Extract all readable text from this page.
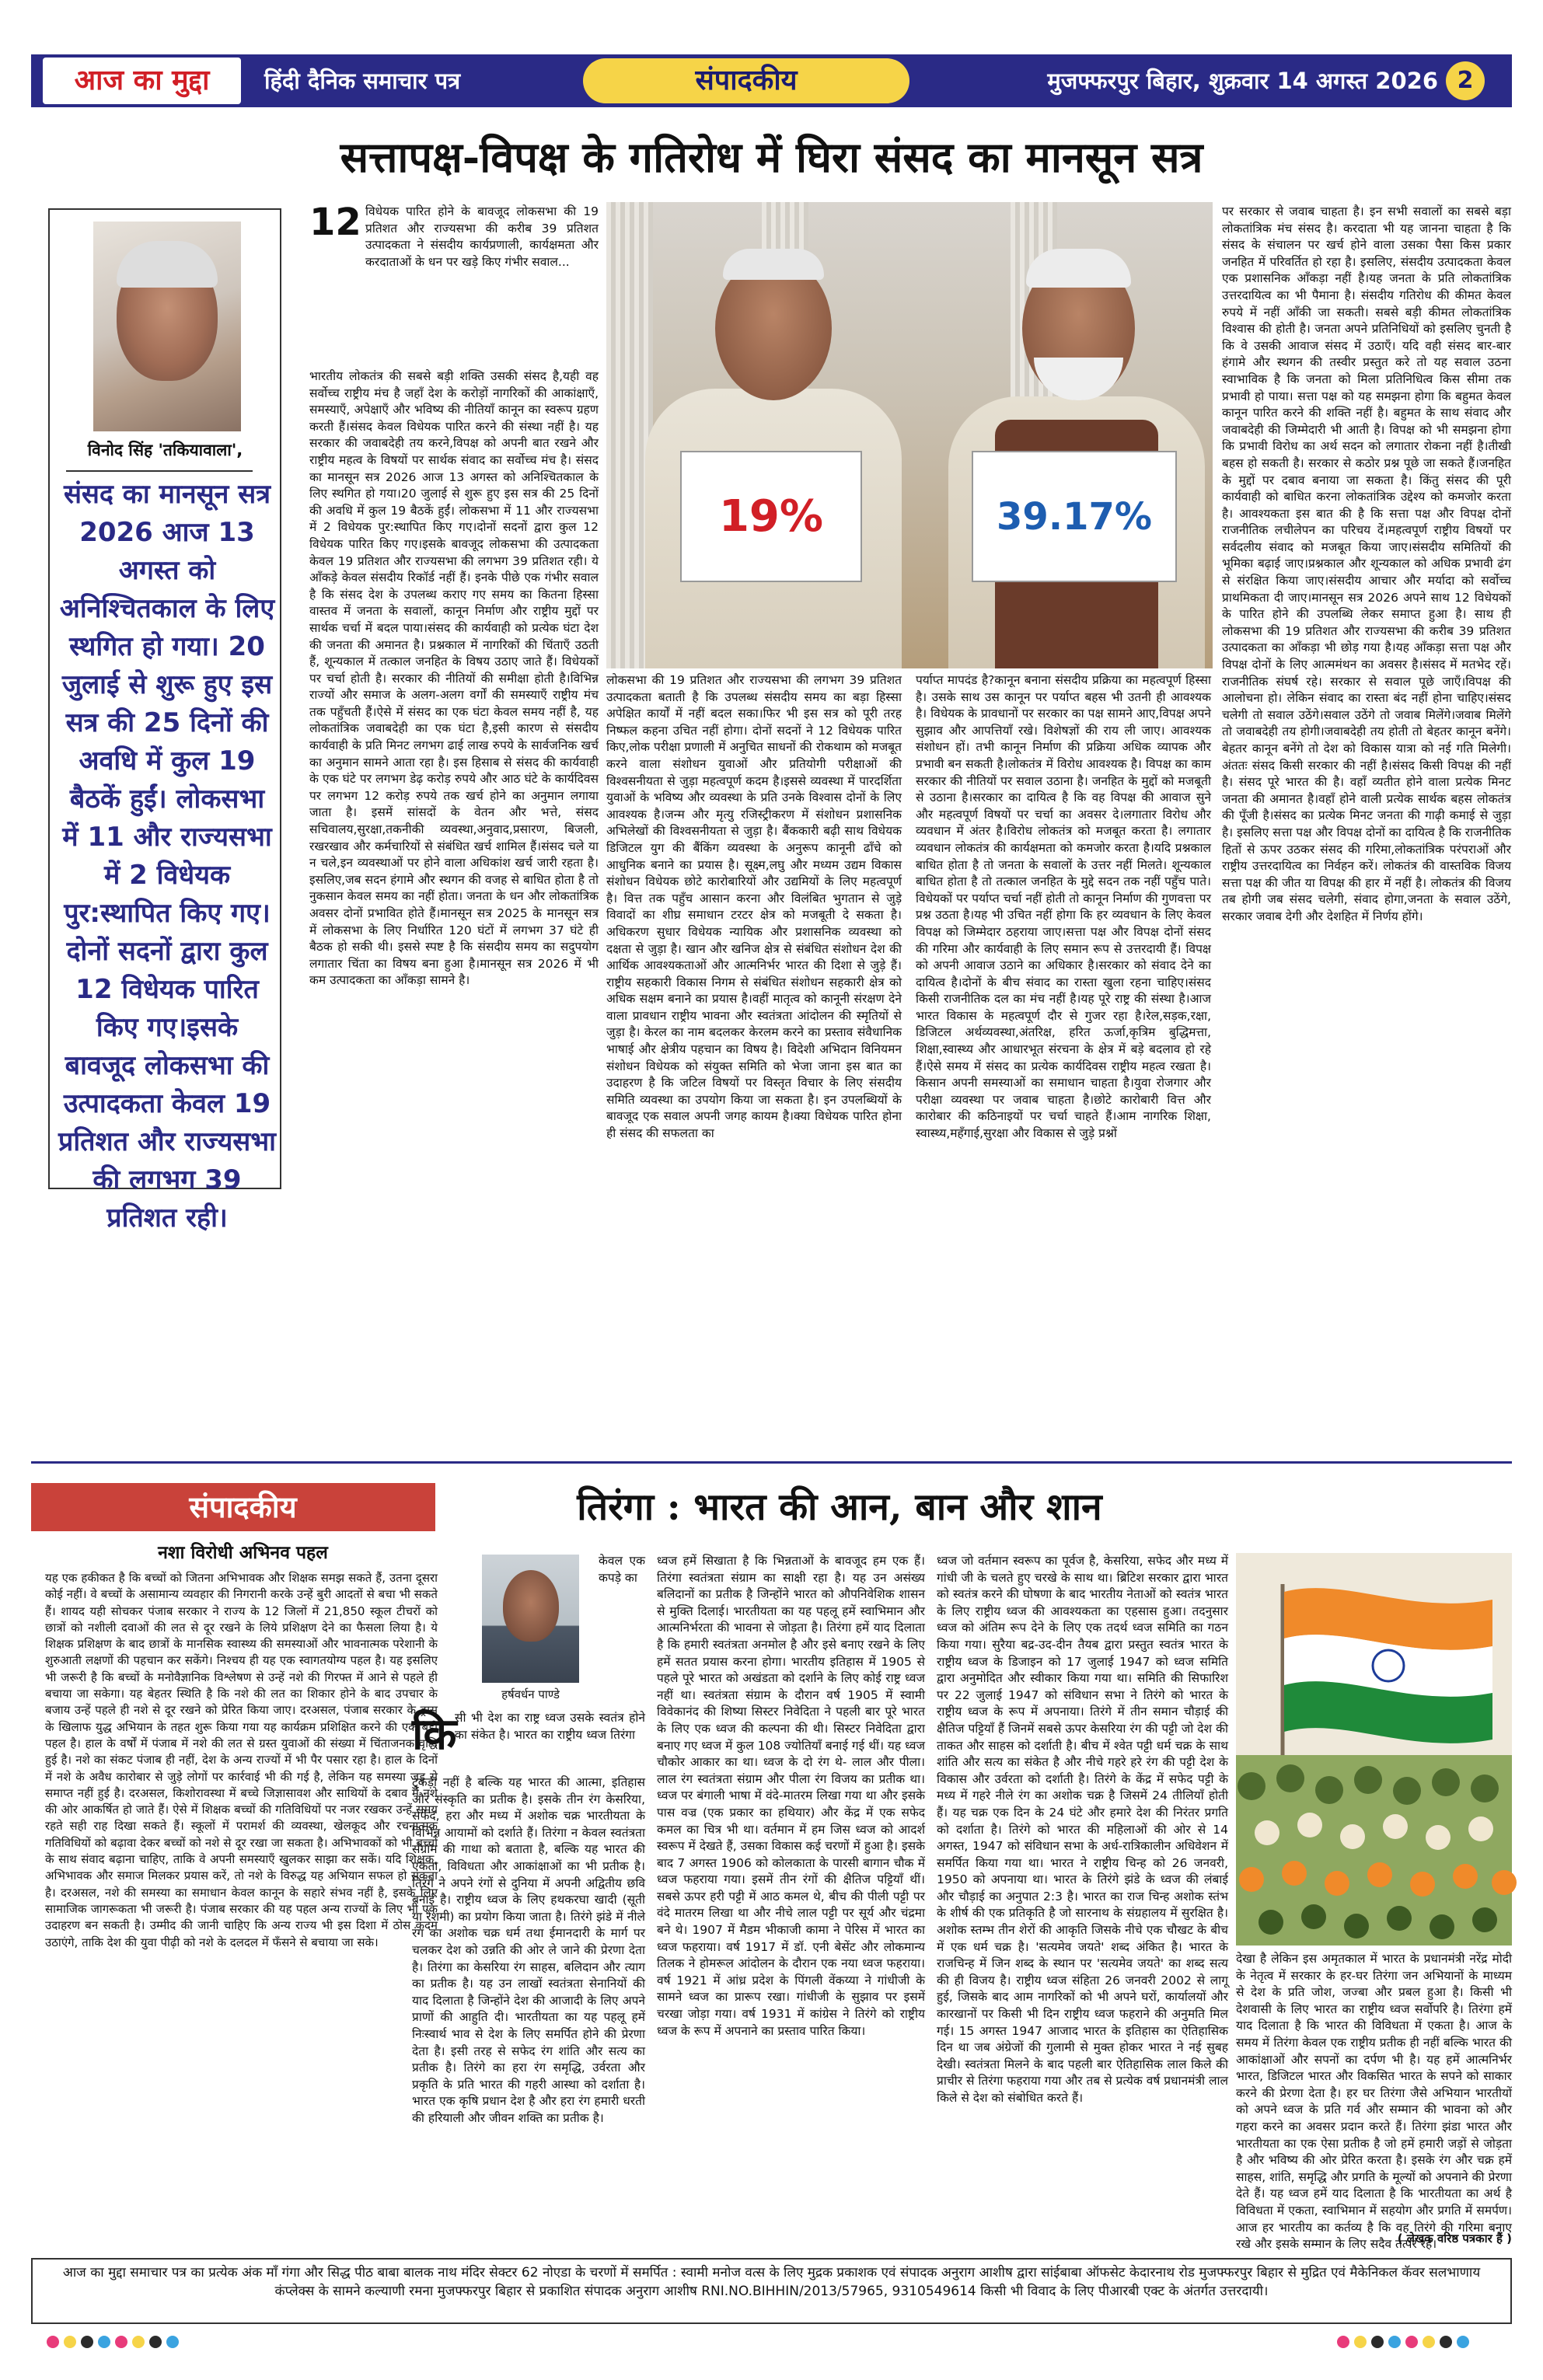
आज का मुद्दा	हिंदी दैनिक समाचार पत्र	संपादकीय	मुजफ्फरपुर बिहार, शुक्रवार 14 अगस्त 2026 2
सत्तापक्ष-विपक्ष के गतिरोध में घिरा संसद का मानसून सत्र
विनोद सिंह 'तकियावाला',
संसद का मानसून सत्र 2026 आज 13 अगस्त को अनिश्चितकाल के लिए स्थगित हो गया। 20 जुलाई से शुरू हुए इस सत्र की 25 दिनों की अवधि में कुल 19 बैठकें हुईं। लोकसभा में 11 और राज्यसभा में 2 विधेयक पुर:स्थापित किए गए।दोनों सदनों द्वारा कुल 12 विधेयक पारित किए गए।इसके बावजूद लोकसभा की उत्पादकता केवल 19 प्रतिशत और राज्यसभा की लगभग 39 प्रतिशत रही।
12 विधेयक पारित होने के बावजूद लोकसभा की 19 प्रतिशत और राज्यसभा की करीब 39 प्रतिशत उत्पादकता ने संसदीय कार्यप्रणाली, कार्यक्षमता और करदाताओं के धन पर खड़े किए गंभीर सवाल...
भारतीय लोकतंत्र की सबसे बड़ी शक्ति उसकी संसद है,यही वह सर्वोच्च राष्ट्रीय मंच है जहाँ देश के करोड़ों नागरिकों की आकांक्षाएँ, समस्याएँ, अपेक्षाएँ और भविष्य की नीतियाँ कानून का स्वरूप ग्रहण करती हैं।संसद केवल विधेयक पारित करने की संस्था नहीं है। यह सरकार की जवाबदेही तय करने,विपक्ष को अपनी बात रखने और राष्ट्रीय महत्व के विषयों पर सार्थक संवाद का सर्वोच्च मंच है। संसद का मानसून सत्र 2026 आज 13 अगस्त को अनिश्चितकाल के लिए स्थगित हो गया।20 जुलाई से शुरू हुए इस सत्र की 25 दिनों की अवधि में कुल 19 बैठकें हुईं। लोकसभा में 11 और राज्यसभा में 2 विधेयक पुर:स्थापित किए गए।दोनों सदनों द्वारा कुल 12 विधेयक पारित किए गए।इसके बावजूद लोकसभा की उत्पादकता केवल 19 प्रतिशत और राज्यसभा की लगभग 39 प्रतिशत रही। ये आँकड़े केवल संसदीय रिकॉर्ड नहीं हैं। इनके पीछे एक गंभीर सवाल है कि संसद देश के उपलब्ध कराए गए समय का कितना हिस्सा वास्तव में जनता के सवालों, कानून निर्माण और राष्ट्रीय मुद्दों पर सार्थक चर्चा में बदल पाया।संसद की कार्यवाही को प्रत्येक घंटा देश की जनता की अमानत है। प्रश्नकाल में नागरिकों की चिंताएँ उठती हैं, शून्यकाल में तत्काल जनहित के विषय उठाए जाते हैं। विधेयकों पर चर्चा होती है। सरकार की नीतियों की समीक्षा होती है।विभिन्न राज्यों और समाज के अलग-अलग वर्गों की समस्याएँ राष्ट्रीय मंच तक पहुँचती हैं।ऐसे में संसद का एक घंटा केवल समय नहीं है, यह लोकतांत्रिक जवाबदेही का एक घंटा है,इसी कारण से संसदीय कार्यवाही के प्रति मिनट लगभग ढाई लाख रुपये के सार्वजनिक खर्च का अनुमान सामने आता रहा है। इस हिसाब से संसद की कार्यवाही के एक घंटे पर लगभग डेढ़ करोड़ रुपये और आठ घंटे के कार्यदिवस पर लगभग 12 करोड़ रुपये तक खर्च होने का अनुमान लगाया जाता है। इसमें सांसदों के वेतन और भत्ते, संसद सचिवालय,सुरक्षा,तकनीकी व्यवस्था,अनुवाद,प्रसारण, बिजली, रखरखाव और कर्मचारियों से संबंधित खर्च शामिल हैं।संसद चले या न चले,इन व्यवस्थाओं पर होने वाला अधिकांश खर्च जारी रहता है। इसलिए,जब सदन हंगामे और स्थगन की वजह से बाधित होता है तो नुकसान केवल समय का नहीं होता। जनता के धन और लोकतांत्रिक अवसर दोनों प्रभावित होते हैं।मानसून सत्र 2025 के मानसून सत्र में लोकसभा के लिए निर्धारित 120 घंटों में लगभग 37 घंटे ही बैठक हो सकी थी। इससे स्पष्ट है कि संसदीय समय का सदुपयोग लगातार चिंता का विषय बना हुआ है।मानसून सत्र 2026 में भी कम उत्पादकता का आँकड़ा सामने है।
19%	39.17%
लोकसभा की 19 प्रतिशत और राज्यसभा की लगभग 39 प्रतिशत उत्पादकता बताती है कि उपलब्ध संसदीय समय का बड़ा हिस्सा अपेक्षित कार्यों में नहीं बदल सका।फिर भी इस सत्र को पूरी तरह निष्फल कहना उचित नहीं होगा। दोनों सदनों ने 12 विधेयक पारित किए,लोक परीक्षा प्रणाली में अनुचित साधनों की रोकथाम को मजबूत करने वाला संशोधन युवाओं और प्रतियोगी परीक्षाओं की विश्वसनीयता से जुड़ा महत्वपूर्ण कदम है।इससे व्यवस्था में पारदर्शिता युवाओं के भविष्य और व्यवस्था के प्रति उनके विश्वास दोनों के लिए आवश्यक है।जन्म और मृत्यु रजिस्ट्रीकरण में संशोधन प्रशासनिक अभिलेखों की विश्वसनीयता से जुड़ा है। बैंककारी बढ़ी साथ विधेयक डिजिटल युग की बैंकिंग व्यवस्था के अनुरूप कानूनी ढाँचे को आधुनिक बनाने का प्रयास है। सूक्ष्म,लघु और मध्यम उद्यम विकास संशोधन विधेयक छोटे कारोबारियों और उद्यमियों के लिए महत्वपूर्ण है। वित्त तक पहुँच आसान करना और विलंबित भुगतान से जुड़े विवादों का शीघ्र समाधान टरटर क्षेत्र को मजबूती दे सकता है। अधिकरण सुधार विधेयक न्यायिक और प्रशासनिक व्यवस्था को दक्षता से जुड़ा है। खान और खनिज क्षेत्र से संबंधित संशोधन देश की आर्थिक आवश्यकताओं और आत्मनिर्भर भारत की दिशा से जुड़े हैं। राष्ट्रीय सहकारी विकास निगम से संबंधित संशोधन सहकारी क्षेत्र को अधिक सक्षम बनाने का प्रयास है।वहीं मातृत्व को कानूनी संरक्षण देने वाला प्रावधान राष्ट्रीय भावना और स्वतंत्रता आंदोलन की स्मृतियों से जुड़ा है। केरल का नाम बदलकर केरलम करने का प्रस्ताव संवैधानिक भाषाई और क्षेत्रीय पहचान का विषय है। विदेशी अभिदान विनियमन संशोधन विधेयक को संयुक्त समिति को भेजा जाना इस बात का उदाहरण है कि जटिल विषयों पर विस्तृत विचार के लिए संसदीय समिति व्यवस्था का उपयोग किया जा सकता है। इन उपलब्धियों के बावजूद एक सवाल अपनी जगह कायम है।क्या विधेयक पारित होना ही संसद की सफलता का
पर्याप्त मापदंड है?कानून बनाना संसदीय प्रक्रिया का महत्वपूर्ण हिस्सा है। उसके साथ उस कानून पर पर्याप्त बहस भी उतनी ही आवश्यक है। विधेयक के प्रावधानों पर सरकार का पक्ष सामने आए,विपक्ष अपने सुझाव और आपत्तियाँ रखे। विशेषज्ञों की राय ली जाए। आवश्यक संशोधन हों। तभी कानून निर्माण की प्रक्रिया अधिक व्यापक और प्रभावी बन सकती है।लोकतंत्र में विरोध आवश्यक है। विपक्ष का काम सरकार की नीतियों पर सवाल उठाना है। जनहित के मुद्दों को मजबूती से उठाना है।सरकार का दायित्व है कि वह विपक्ष की आवाज सुने और महत्वपूर्ण विषयों पर चर्चा का अवसर दे।लगातार विरोध और व्यवधान में अंतर है।विरोध लोकतंत्र को मजबूत करता है। लगातार व्यवधान लोकतंत्र की कार्यक्षमता को कमजोर करता है।यदि प्रश्नकाल बाधित होता है तो जनता के सवालों के उत्तर नहीं मिलते। शून्यकाल बाधित होता है तो तत्काल जनहित के मुद्दे सदन तक नहीं पहुँच पाते।विधेयकों पर पर्याप्त चर्चा नहीं होती तो कानून निर्माण की गुणवत्ता पर प्रश्न उठता है।यह भी उचित नहीं होगा कि हर व्यवधान के लिए केवल विपक्ष को जिम्मेदार ठहराया जाए।सत्ता पक्ष और विपक्ष दोनों संसद की गरिमा और कार्यवाही के लिए समान रूप से उत्तरदायी हैं। विपक्ष को अपनी आवाज उठाने का अधिकार है।सरकार को संवाद देने का दायित्व है।दोनों के बीच संवाद का रास्ता खुला रहना चाहिए।संसद किसी राजनीतिक दल का मंच नहीं है।यह पूरे राष्ट्र की संस्था है।आज भारत विकास के महत्वपूर्ण दौर से गुजर रहा है।रेल,सड़क,रक्षा, डिजिटल अर्थव्यवस्था,अंतरिक्ष, हरित ऊर्जा,कृत्रिम बुद्धिमत्ता, शिक्षा,स्वास्थ्य और आधारभूत संरचना के क्षेत्र में बड़े बदलाव हो रहे हैं।ऐसे समय में संसद का प्रत्येक कार्यदिवस राष्ट्रीय महत्व रखता है।किसान अपनी समस्याओं का समाधान चाहता है।युवा रोजगार और परीक्षा व्यवस्था पर जवाब चाहता है।छोटे कारोबारी वित्त और कारोबार की कठिनाइयों पर चर्चा चाहते हैं।आम नागरिक शिक्षा, स्वास्थ्य,महँगाई,सुरक्षा और विकास से जुड़े प्रश्नों
पर सरकार से जवाब चाहता है। इन सभी सवालों का सबसे बड़ा लोकतांत्रिक मंच संसद है। करदाता भी यह जानना चाहता है कि संसद के संचालन पर खर्च होने वाला उसका पैसा किस प्रकार जनहित में परिवर्तित हो रहा है। इसलिए, संसदीय उत्पादकता केवल एक प्रशासनिक आँकड़ा नहीं है।यह जनता के प्रति लोकतांत्रिक उत्तरदायित्व का भी पैमाना है। संसदीय गतिरोध की कीमत केवल रुपये में नहीं आँकी जा सकती। सबसे बड़ी कीमत लोकतांत्रिक विश्वास की होती है। जनता अपने प्रतिनिधियों को इसलिए चुनती है कि वे उसकी आवाज संसद में उठाएँ। यदि वही संसद बार-बार हंगामे और स्थगन की तस्वीर प्रस्तुत करे तो यह सवाल उठना स्वाभाविक है कि जनता को मिला प्रतिनिधित्व किस सीमा तक प्रभावी हो पाया। सत्ता पक्ष को यह समझना होगा कि बहुमत केवल कानून पारित करने की शक्ति नहीं है। बहुमत के साथ संवाद और जवाबदेही की जिम्मेदारी भी आती है। विपक्ष को भी समझना होगा कि प्रभावी विरोध का अर्थ सदन को लगातार रोकना नहीं है।तीखी बहस हो सकती है। सरकार से कठोर प्रश्न पूछे जा सकते हैं।जनहित के मुद्दों पर दबाव बनाया जा सकता है। किंतु संसद की पूरी कार्यवाही को बाधित करना लोकतांत्रिक उद्देश्य को कमजोर करता है। आवश्यकता इस बात की है कि सत्ता पक्ष और विपक्ष दोनों राजनीतिक लचीलेपन का परिचय दें।महत्वपूर्ण राष्ट्रीय विषयों पर सर्वदलीय संवाद को मजबूत किया जाए।संसदीय समितियों की भूमिका बढ़ाई जाए।प्रश्नकाल और शून्यकाल को अधिक प्रभावी ढंग से संरक्षित किया जाए।संसदीय आचार और मर्यादा को सर्वोच्च प्राथमिकता दी जाए।मानसून सत्र 2026 अपने साथ 12 विधेयकों के पारित होने की उपलब्धि लेकर समाप्त हुआ है। साथ ही लोकसभा की 19 प्रतिशत और राज्यसभा की करीब 39 प्रतिशत उत्पादकता का आँकड़ा भी छोड़ गया है।यह आँकड़ा सत्ता पक्ष और विपक्ष दोनों के लिए आत्ममंथन का अवसर है।संसद में मतभेद रहें।राजनीतिक संघर्ष रहे। सरकार से सवाल पूछे जाएँ।विपक्ष की आलोचना हो। लेकिन संवाद का रास्ता बंद नहीं होना चाहिए।संसद चलेगी तो सवाल उठेंगे।सवाल उठेंगे तो जवाब मिलेंगे।जवाब मिलेंगे तो जवाबदेही तय होगी।जवाबदेही तय होती तो बेहतर कानून बनेंगे। बेहतर कानून बनेंगे तो देश को विकास यात्रा को नई गति मिलेगी।अंततः संसद किसी सरकार की नहीं है।संसद किसी विपक्ष की नहीं है। संसद पूरे भारत की है। वहाँ व्यतीत होने वाला प्रत्येक मिनट जनता की अमानत है।वहाँ होने वाली प्रत्येक सार्थक बहस लोकतंत्र की पूँजी है।संसद का प्रत्येक मिनट जनता की गाढ़ी कमाई से जुड़ा है। इसलिए सत्ता पक्ष और विपक्ष दोनों का दायित्व है कि राजनीतिक हितों से ऊपर उठकर संसद की गरिमा,लोकतांत्रिक परंपराओं और राष्ट्रीय उत्तरदायित्व का निर्वहन करें। लोकतंत्र की वास्तविक विजय सत्ता पक्ष की जीत या विपक्ष की हार में नहीं है। लोकतंत्र की विजय तब होगी जब संसद चलेगी, संवाद होगा,जनता के सवाल उठेंगे, सरकार जवाब देगी और देशहित में निर्णय होंगे।
संपादकीय
नशा विरोधी अभिनव पहल
यह एक हकीकत है कि बच्चों को जितना अभिभावक और शिक्षक समझ सकते हैं, उतना दूसरा कोई नहीं। वे बच्चों के असामान्य व्यवहार की निगरानी करके उन्हें बुरी आदतों से बचा भी सकते हैं। शायद यही सोचकर पंजाब सरकार ने राज्य के 12 जिलों में 21,850 स्कूल टीचरों को छात्रों को नशीली दवाओं की लत से दूर रखने के लिये प्रशिक्षण देने का फैसला लिया है। ये शिक्षक प्रशिक्षण के बाद छात्रों के मानसिक स्वास्थ्य की समस्याओं और भावनात्मक परेशानी के शुरुआती लक्षणों की पहचान कर सकेंगे। निश्चय ही यह एक स्वागतयोग्य पहल है। यह इसलिए भी जरूरी है कि बच्चों के मनोवैज्ञानिक विश्लेषण से उन्हें नशे की गिरफ्त में आने से पहले ही बचाया जा सकेगा। यह बेहतर स्थिति है कि नशे की लत का शिकार होने के बाद उपचार के बजाय उन्हें पहले ही नशे से दूर रखने को प्रेरित किया जाए। दरअसल, पंजाब सरकार के ड्रग्स के खिलाफ युद्ध अभियान के तहत शुरू किया गया यह कार्यक्रम प्रशिक्षित करने की एक बड़ी पहल है। हाल के वर्षों में पंजाब में नशे की लत से ग्रस्त युवाओं की संख्या में चिंताजनक वृद्धि हुई है। नशे का संकट पंजाब ही नहीं, देश के अन्य राज्यों में भी पैर पसार रहा है। हाल के दिनों में नशे के अवैध कारोबार से जुड़े लोगों पर कार्रवाई भी की गई है, लेकिन यह समस्या जड़ से समाप्त नहीं हुई है। दरअसल, किशोरावस्था में बच्चे जिज्ञासावश और साथियों के दबाव में नशे की ओर आकर्षित हो जाते हैं। ऐसे में शिक्षक बच्चों की गतिविधियों पर नजर रखकर उन्हें समय रहते सही राह दिखा सकते हैं। स्कूलों में परामर्श की व्यवस्था, खेलकूद और रचनात्मक गतिविधियों को बढ़ावा देकर बच्चों को नशे से दूर रखा जा सकता है। अभिभावकों को भी बच्चों के साथ संवाद बढ़ाना चाहिए, ताकि वे अपनी समस्याएँ खुलकर साझा कर सकें। यदि शिक्षक, अभिभावक और समाज मिलकर प्रयास करें, तो नशे के विरुद्ध यह अभियान सफल हो सकता है। दरअसल, नशे की समस्या का समाधान केवल कानून के सहारे संभव नहीं है, इसके लिए सामाजिक जागरूकता भी जरूरी है। पंजाब सरकार की यह पहल अन्य राज्यों के लिए भी एक उदाहरण बन सकती है। उम्मीद की जानी चाहिए कि अन्य राज्य भी इस दिशा में ठोस कदम उठाएंगे, ताकि देश की युवा पीढ़ी को नशे के दलदल में फँसने से बचाया जा सके।
तिरंगा : भारत की आन, बान और शान
हर्षवर्धन पाण्डे
कि
सी भी देश का राष्ट्र ध्वज उसके स्वतंत्र होने का संकेत है। भारत का राष्ट्रीय ध्वज तिरंगा
केवल एक कपड़े का
टुकड़ा नहीं है बल्कि यह भारत की आत्मा, इतिहास और संस्कृति का प्रतीक है। इसके तीन रंग केसरिया, सफेद, हरा और मध्य में अशोक चक्र भारतीयता के विभिन्न आयामों को दर्शाते हैं। तिरंगा न केवल स्वतंत्रता संग्राम की गाथा को बताता है, बल्कि यह भारत की एकता, विविधता और आकांक्षाओं का भी प्रतीक है। तिरंगे ने अपने रंगों से दुनिया में अपनी अद्वितीय छवि बनाई है। राष्ट्रीय ध्वज के लिए हथकरघा खादी (सूती या रेशमी) का प्रयोग किया जाता है। तिरंगे झंडे में नीले रंग का अशोक चक्र धर्म तथा ईमानदारी के मार्ग पर चलकर देश को उन्नति की ओर ले जाने की प्रेरणा देता है। तिरंगा का केसरिया रंग साहस, बलिदान और त्याग का प्रतीक है। यह उन लाखों स्वतंत्रता सेनानियों की याद दिलाता है जिन्होंने देश की आजादी के लिए अपने प्राणों की आहुति दी। भारतीयता का यह पहलू हमें निःस्वार्थ भाव से देश के लिए समर्पित होने की प्रेरणा देता है। इसी तरह से सफेद रंग शांति और सत्य का प्रतीक है। तिरंगे का हरा रंग समृद्धि, उर्वरता और प्रकृति के प्रति भारत की गहरी आस्था को दर्शाता है। भारत एक कृषि प्रधान देश है और हरा रंग हमारी धरती की हरियाली और जीवन शक्ति का प्रतीक है।
ध्वज हमें सिखाता है कि भिन्नताओं के बावजूद हम एक हैं। तिरंगा स्वतंत्रता संग्राम का साक्षी रहा है। यह उन असंख्य बलिदानों का प्रतीक है जिन्होंने भारत को औपनिवेशिक शासन से मुक्ति दिलाई। भारतीयता का यह पहलू हमें स्वाभिमान और आत्मनिर्भरता की भावना से जोड़ता है। तिरंगा हमें याद दिलाता है कि हमारी स्वतंत्रता अनमोल है और इसे बनाए रखने के लिए हमें सतत प्रयास करना होगा। भारतीय इतिहास में 1905 से पहले पूरे भारत को अखंडता को दर्शाने के लिए कोई राष्ट्र ध्वज नहीं था। स्वतंत्रता संग्राम के दौरान वर्ष 1905 में स्वामी विवेकानंद की शिष्या सिस्टर निवेदिता ने पहली बार पूरे भारत के लिए एक ध्वज की कल्पना की थी। सिस्टर निवेदिता द्वारा बनाए गए ध्वज में कुल 108 ज्योतियाँ बनाई गई थीं। यह ध्वज चौकोर आकार का था। ध्वज के दो रंग थे- लाल और पीला। लाल रंग स्वतंत्रता संग्राम और पीला रंग विजय का प्रतीक था। ध्वज पर बंगाली भाषा में वंदे-मातरम लिखा गया था और इसके पास वज्र (एक प्रकार का हथियार) और केंद्र में एक सफेद कमल का चित्र भी था। वर्तमान में हम जिस ध्वज को आदर्श स्वरूप में देखते हैं, उसका विकास कई चरणों में हुआ है। इसके बाद 7 अगस्त 1906 को कोलकाता के पारसी बागान चौक में ध्वज फहराया गया। इसमें तीन रंगों की क्षैतिज पट्टियाँ थीं। सबसे ऊपर हरी पट्टी में आठ कमल थे, बीच की पीली पट्टी पर वंदे मातरम लिखा था और नीचे लाल पट्टी पर सूर्य और चंद्रमा बने थे। 1907 में मैडम भीकाजी कामा ने पेरिस में भारत का ध्वज फहराया। वर्ष 1917 में डॉ. एनी बेसेंट और लोकमान्य तिलक ने होमरूल आंदोलन के दौरान एक नया ध्वज फहराया। वर्ष 1921 में आंध्र प्रदेश के पिंगली वेंकय्या ने गांधीजी के सामने ध्वज का प्रारूप रखा। गांधीजी के सुझाव पर इसमें चरखा जोड़ा गया। वर्ष 1931 में कांग्रेस ने तिरंगे को राष्ट्रीय ध्वज के रूप में अपनाने का प्रस्ताव पारित किया।
ध्वज जो वर्तमान स्वरूप का पूर्वज है, केसरिया, सफेद और मध्य में गांधी जी के चलते हुए चरखे के साथ था। ब्रिटिश सरकार द्वारा भारत को स्वतंत्र करने की घोषणा के बाद भारतीय नेताओं को स्वतंत्र भारत के लिए राष्ट्रीय ध्वज की आवश्यकता का एहसास हुआ। तदनुसार ध्वज को अंतिम रूप देने के लिए एक तदर्थ ध्वज समिति का गठन किया गया। सुरैया बद्र-उद-दीन तैयब द्वारा प्रस्तुत स्वतंत्र भारत के राष्ट्रीय ध्वज के डिजाइन को 17 जुलाई 1947 को ध्वज समिति द्वारा अनुमोदित और स्वीकार किया गया था। समिति की सिफारिश पर 22 जुलाई 1947 को संविधान सभा ने तिरंगे को भारत के राष्ट्रीय ध्वज के रूप में अपनाया। तिरंगे में तीन समान चौड़ाई की क्षैतिज पट्टियाँ हैं जिनमें सबसे ऊपर केसरिया रंग की पट्टी जो देश की ताकत और साहस को दर्शाती है। बीच में श्वेत पट्टी धर्म चक्र के साथ शांति और सत्य का संकेत है और नीचे गहरे हरे रंग की पट्टी देश के विकास और उर्वरता को दर्शाती है। तिरंगे के केंद्र में सफेद पट्टी के मध्य में गहरे नीले रंग का अशोक चक्र है जिसमें 24 तीलियाँ होती हैं। यह चक्र एक दिन के 24 घंटे और हमारे देश की निरंतर प्रगति को दर्शाता है। तिरंगे को भारत की महिलाओं की ओर से 14 अगस्त, 1947 को संविधान सभा के अर्ध-रात्रिकालीन अधिवेशन में समर्पित किया गया था। भारत ने राष्ट्रीय चिन्ह को 26 जनवरी, 1950 को अपनाया था। भारत के तिरंगे झंडे के ध्वज की लंबाई और चौड़ाई का अनुपात 2:3 है। भारत का राज चिन्ह अशोक स्तंभ के शीर्ष की एक प्रतिकृति है जो सारनाथ के संग्रहालय में सुरक्षित है। अशोक स्तम्भ तीन शेरों की आकृति जिसके नीचे एक चौखट के बीच में एक धर्म चक्र है। 'सत्यमेव जयते' शब्द अंकित है। भारत के राजचिन्ह में जिन शब्द के स्थान पर 'सत्यमेव जयते' का शब्द सत्य की ही विजय है। राष्ट्रीय ध्वज संहिता 26 जनवरी 2002 से लागू हुई, जिसके बाद आम नागरिकों को भी अपने घरों, कार्यालयों और कारखानों पर किसी भी दिन राष्ट्रीय ध्वज फहराने की अनुमति मिल गई। 15 अगस्त 1947 आजाद भारत के इतिहास का ऐतिहासिक दिन था जब अंग्रेजों की गुलामी से मुक्त होकर भारत ने नई सुबह देखी। स्वतंत्रता मिलने के बाद पहली बार ऐतिहासिक लाल किले की प्राचीर से तिरंगा फहराया गया और तब से प्रत्येक वर्ष प्रधानमंत्री लाल किले से देश को संबोधित करते हैं।
देखा है लेकिन इस अमृतकाल में भारत के प्रधानमंत्री नरेंद्र मोदी के नेतृत्व में सरकार के हर-घर तिरंगा जन अभियानों के माध्यम से देश के प्रति जोश, जज्बा और प्रबल हुआ है। किसी भी देशवासी के लिए भारत का राष्ट्रीय ध्वज सर्वोपरि है। तिरंगा हमें याद दिलाता है कि भारत की विविधता में एकता है। आज के समय में तिरंगा केवल एक राष्ट्रीय प्रतीक ही नहीं बल्कि भारत की आकांक्षाओं और सपनों का दर्पण भी है। यह हमें आत्मनिर्भर भारत, डिजिटल भारत और विकसित भारत के सपने को साकार करने की प्रेरणा देता है। हर घर तिरंगा जैसे अभियान भारतीयों को अपने ध्वज के प्रति गर्व और सम्मान की भावना को और गहरा करने का अवसर प्रदान करते हैं। तिरंगा झंडा भारत और भारतीयता का एक ऐसा प्रतीक है जो हमें हमारी जड़ों से जोड़ता है और भविष्य की ओर प्रेरित करता है। इसके रंग और चक्र हमें साहस, शांति, समृद्धि और प्रगति के मूल्यों को अपनाने की प्रेरणा देते हैं। यह ध्वज हमें याद दिलाता है कि भारतीयता का अर्थ है विविधता में एकता, स्वाभिमान में सहयोग और प्रगति में समर्पण। आज हर भारतीय का कर्तव्य है कि वह तिरंगे की गरिमा बनाए रखे और इसके सम्मान के लिए सदैव तत्पर रहे।
( लेखक वरिष्ठ पत्रकार हैं )
आज का मुद्दा समाचार पत्र का प्रत्येक अंक माँ गंगा और सिद्ध पीठ बाबा बालक नाथ मंदिर सेक्टर 62 नोएडा के चरणों में समर्पित : स्वामी मनोज वत्स के लिए मुद्रक प्रकाशक एवं संपादक अनुराग आशीष द्वारा सांईबाबा ऑफसेट केदारनाथ रोड मुजफ्फरपुर बिहार से मुद्रित एवं मैकेनिकल कॅवर सलभाणाय कंप्लेक्स के सामने कल्याणी रमना मुजफ्फरपुर बिहार से प्रकाशित संपादक अनुराग आशीष RNI.NO.BIHHIN/2013/57965, 9310549614 किसी भी विवाद के लिए पीआरबी एक्ट के अंतर्गत उत्तरदायी।
